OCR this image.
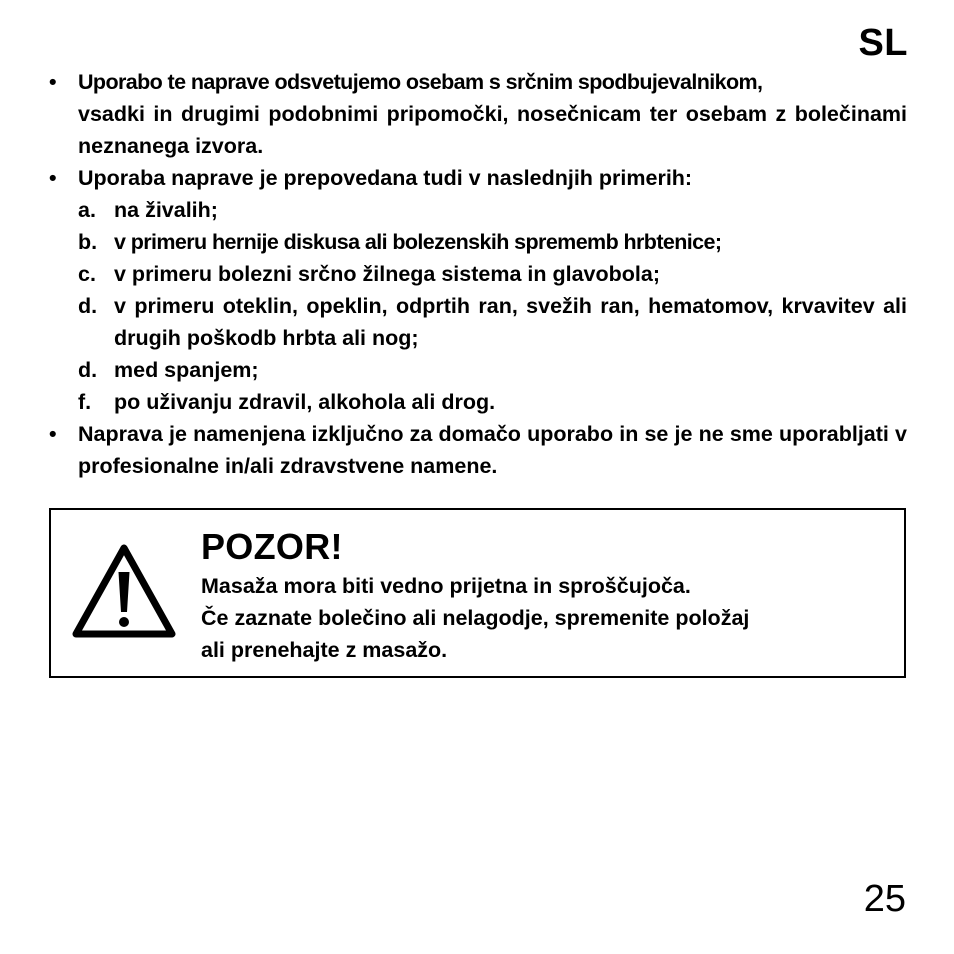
SL
• Uporabo te naprave odsvetujemo osebam s srčnim spodbujevalnikom,
vsadki in drugimi podobnimi pripomočki, nosečnicam ter osebam z bolečinami neznanega izvora.
• Uporaba naprave je prepovedana tudi v naslednjih primerih:
a. na živalih;
b. v primeru hernije diskusa ali bolezenskih sprememb hrbtenice;
c. v primeru bolezni srčno žilnega sistema in glavobola;
d. v primeru oteklin, opeklin, odprtih ran, svežih ran, hematomov, krvavitev ali drugih poškodb hrbta ali nog;
d. med spanjem;
f. po uživanju zdravil, alkohola ali drog.
• Naprava je namenjena izključno za domačo uporabo in se je ne sme uporabljati v profesionalne in/ali zdravstvene namene.
POZOR!
Masaža mora biti vedno prijetna in sproščujoča.
Če zaznate bolečino ali nelagodje, spremenite položaj
ali prenehajte z masažo.
25
